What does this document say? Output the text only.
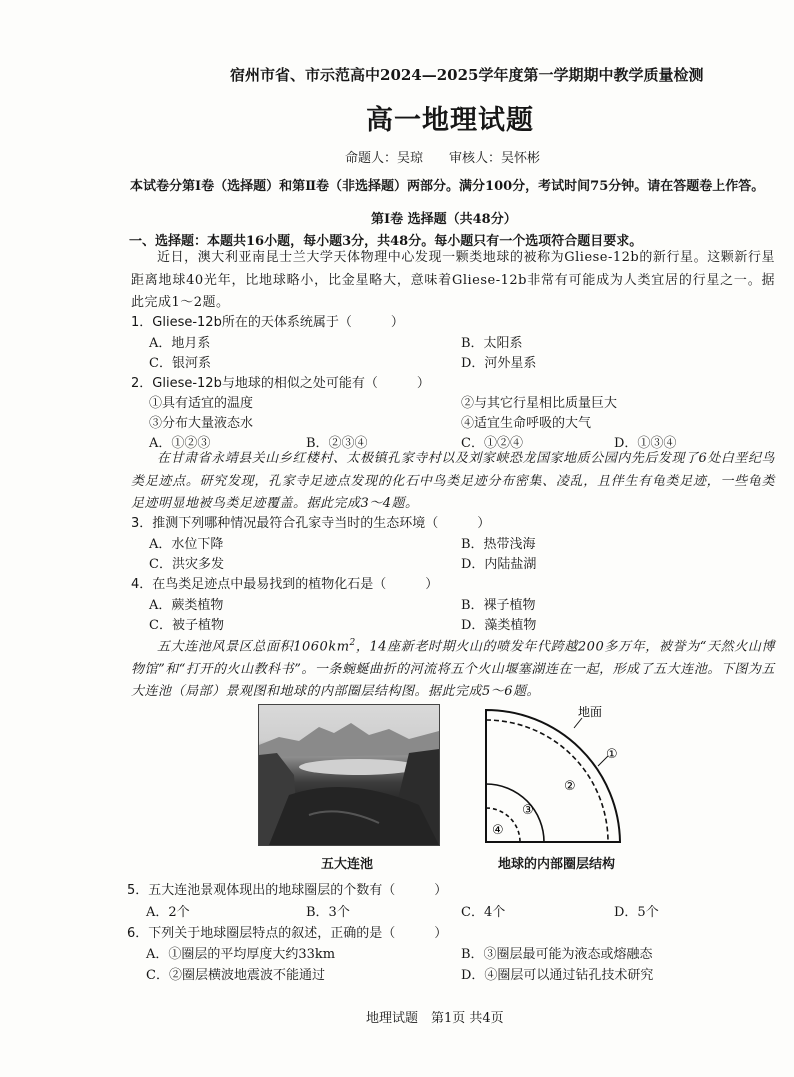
宿州市省、市示范高中2024—2025学年度第一学期期中教学质量检测
高一地理试题
命题人：吴琼　　审核人：吴怀彬
本试卷分第Ⅰ卷（选择题）和第Ⅱ卷（非选择题）两部分。满分100分，考试时间75分钟。请在答题卷上作答。
第Ⅰ卷 选择题（共48分）
一、选择题：本题共16小题，每小题3分，共48分。每小题只有一个选项符合题目要求。
近日，澳大利亚南昆士兰大学天体物理中心发现一颗类地球的被称为Gliese-12b的新行星。这颗新行星距离地球40光年，比地球略小，比金星略大，意味着Gliese-12b非常有可能成为人类宜居的行星之一。据此完成1～2题。
1．Gliese-12b所在的天体系统属于（　　　）
A．地月系	B．太阳系
C．银河系	D．河外星系
2．Gliese-12b与地球的相似之处可能有（　　　）
①具有适宜的温度	②与其它行星相比质量巨大
③分布大量液态水	④适宜生命呼吸的大气
A．①②③	B．②③④	C．①②④	D．①③④
在甘肃省永靖县关山乡红楼村、太极镇孔家寺村以及刘家峡恐龙国家地质公园内先后发现了6处白垩纪鸟类足迹点。研究发现，孔家寺足迹点发现的化石中鸟类足迹分布密集、凌乱，且伴生有龟类足迹，一些龟类足迹明显地被鸟类足迹覆盖。据此完成3～4题。
3．推测下列哪种情况最符合孔家寺当时的生态环境（　　　）
A．水位下降	B．热带浅海
C．洪灾多发	D．内陆盐湖
4．在鸟类足迹点中最易找到的植物化石是（　　　）
A．蕨类植物	B．裸子植物
C．被子植物	D．藻类植物
五大连池风景区总面积$1060km^2$，14座新老时期火山的喷发年代跨越200多万年，被誉为“天然火山博物馆”和“打开的火山教科书”。一条蜿蜒曲折的河流将五个火山堰塞湖连在一起，形成了五大连池。下图为五大连池（局部）景观图和地球的内部圈层结构图。据此完成5～6题。
五大连池
地面
①
②
③
④
地球的内部圈层结构
5．五大连池景观体现出的地球圈层的个数有（　　　）
A．2个	B．3个	C．4个	D．5个
6．下列关于地球圈层特点的叙述，正确的是（　　　）
A．①圈层的平均厚度大约33km	B．③圈层最可能为液态或熔融态
C．②圈层横波地震波不能通过	D．④圈层可以通过钻孔技术研究
地理试题　第1页 共4页
